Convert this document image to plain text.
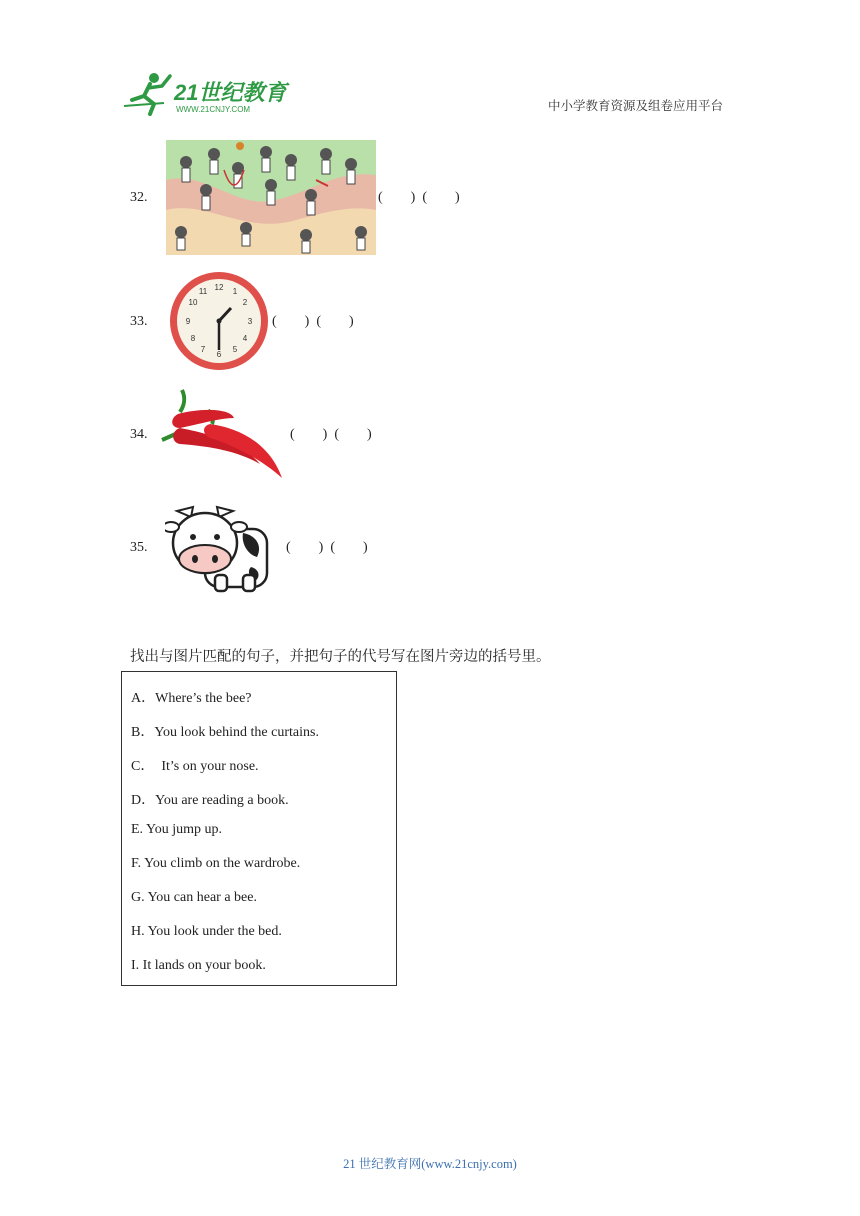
21世纪教育
WWW.21CNJY.COM	中小学教育资源及组卷应用平台
32.	(        )  (        )
33.
12 1
2
3
4
5
6
7
8
9
10
11
(        )  (        )
34.	(        )  (        )
35.	(        )  (        )
找出与图片匹配的句子，并把句子的代号写在图片旁边的括号里。
A．Where’s the bee?
B．You look behind the curtains.
C．  It’s on your nose.
D．You are reading a book.
E. You jump up.
F. You climb on the wardrobe.
G. You can hear a bee.
H. You look under the bed.
I. It lands on your book.
21 世纪教育网(www.21cnjy.com)
